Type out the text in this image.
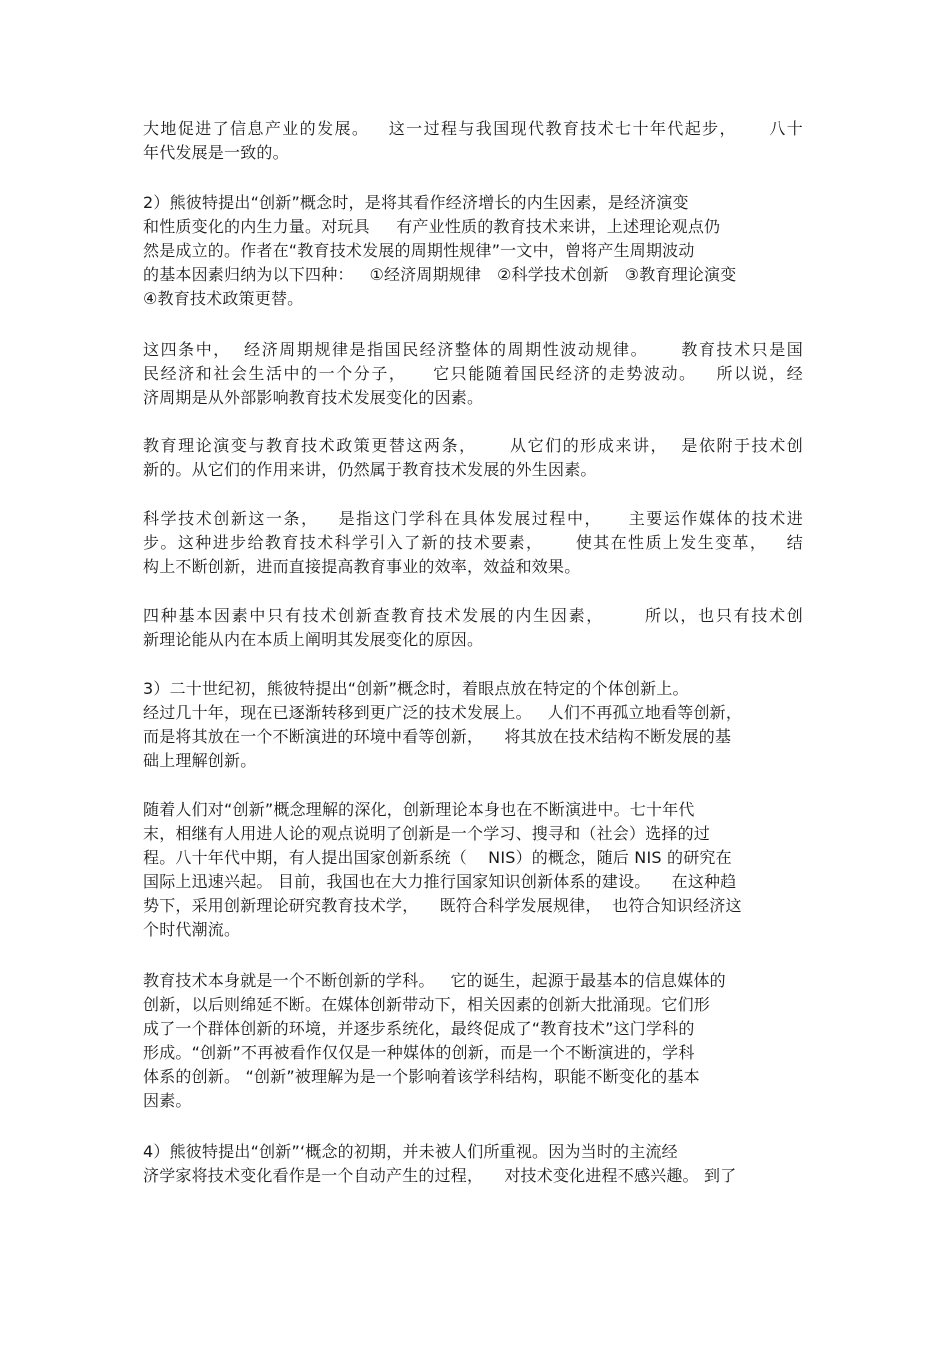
大地促进了信息产业的发展。   这一过程与我国现代教育技术七十年代起步，     八十
年代发展是一致的。
2）熊彼特提出“创新”概念时，是将其看作经济增长的内生因素，是经济演变
和性质变化的内生力量。对玩具     有产业性质的教育技术来讲，上述理论观点仍
然是成立的。作者在“教育技术发展的周期性规律”一文中，曾将产生周期波动
的基本因素归纳为以下四种：   ①经济周期规律   ②科学技术创新   ③教育理论演变
④教育技术政策更替。
这四条中，  经济周期规律是指国民经济整体的周期性波动规律。     教育技术只是国
民经济和社会生活中的一个分子，    它只能随着国民经济的走势波动。   所以说，经
济周期是从外部影响教育技术发展变化的因素。
教育理论演变与教育技术政策更替这两条，     从它们的形成来讲，  是依附于技术创
新的。从它们的作用来讲，仍然属于教育技术发展的外生因素。
科学技术创新这一条，   是指这门学科在具体发展过程中，    主要运作媒体的技术进
步。这种进步给教育技术科学引入了新的技术要素，     使其在性质上发生变革，   结
构上不断创新，进而直接提高教育事业的效率，效益和效果。
四种基本因素中只有技术创新查教育技术发展的内生因素，      所以，也只有技术创
新理论能从内在本质上阐明其发展变化的原因。
3）二十世纪初，熊彼特提出“创新”概念时，着眼点放在特定的个体创新上。
经过几十年，现在已逐渐转移到更广泛的技术发展上。   人们不再孤立地看等创新，
而是将其放在一个不断演进的环境中看等创新，    将其放在技术结构不断发展的基
础上理解创新。
随着人们对“创新”概念理解的深化，创新理论本身也在不断演进中。七十年代
末，相继有人用进人论的观点说明了创新是一个学习、搜寻和（社会）选择的过
程。八十年代中期，有人提出国家创新系统（    NIS）的概念，随后 NIS 的研究在
国际上迅速兴起。 目前，我国也在大力推行国家知识创新体系的建设。    在这种趋
势下，采用创新理论研究教育技术学，    既符合科学发展规律，  也符合知识经济这
个时代潮流。
教育技术本身就是一个不断创新的学科。   它的诞生，起源于最基本的信息媒体的
创新，以后则绵延不断。在媒体创新带动下，相关因素的创新大批涌现。它们形
成了一个群体创新的环境，并逐步系统化，最终促成了“教育技术”这门学科的
形成。“创新”不再被看作仅仅是一种媒体的创新，而是一个不断演进的，学科
体系的创新。 “创新”被理解为是一个影响着该学科结构，职能不断变化的基本
因素。
4）熊彼特提出“创新”‘概念的初期，并未被人们所重视。因为当时的主流经
济学家将技术变化看作是一个自动产生的过程，    对技术变化进程不感兴趣。 到了
